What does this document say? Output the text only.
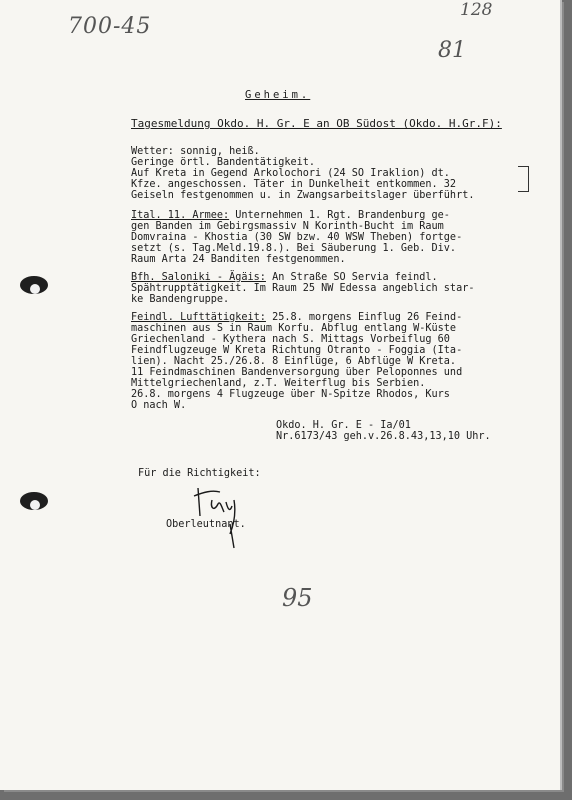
700-45
128
81
Geheim.
Tagesmeldung Okdo. H. Gr. E an OB Südost (Okdo. H.Gr.F):
Wetter: sonnig, heiß.
Geringe örtl. Bandentätigkeit.
Auf Kreta in Gegend Arkolochori (24 SO Iraklion) dt.
Kfze. angeschossen. Täter in Dunkelheit entkommen. 32
Geiseln festgenommen u. in Zwangsarbeitslager überführt.
Ital. 11. Armee: Unternehmen 1. Rgt. Brandenburg ge-
gen Banden im Gebirgsmassiv N Korinth-Bucht im Raum
Domvraina - Khostia (30 SW bzw. 40 WSW Theben) fortge-
setzt (s. Tag.Meld.19.8.). Bei Säuberung 1. Geb. Div.
Raum Arta 24 Banditen festgenommen.
Bfh. Saloniki - Ägäis: An Straße SO Servia feindl.
Spähtrupptätigkeit. Im Raum 25 NW Edessa angeblich star-
ke Bandengruppe.
Feindl. Lufttätigkeit: 25.8. morgens Einflug 26 Feind-
maschinen aus S in Raum Korfu. Abflug entlang W-Küste
Griechenland - Kythera nach S. Mittags Vorbeiflug 60
Feindflugzeuge W Kreta Richtung Otranto - Foggia (Ita-
lien). Nacht 25./26.8. 8 Einflüge, 6 Abflüge W Kreta.
11 Feindmaschinen Bandenversorgung über Peloponnes und
Mittelgriechenland, z.T. Weiterflug bis Serbien.
26.8. morgens 4 Flugzeuge über N-Spitze Rhodos, Kurs
O nach W.
Okdo. H. Gr. E - Ia/01
Nr.6173/43 geh.v.26.8.43,13,10 Uhr.
Für die Richtigkeit:
Oberleutnant.
95
